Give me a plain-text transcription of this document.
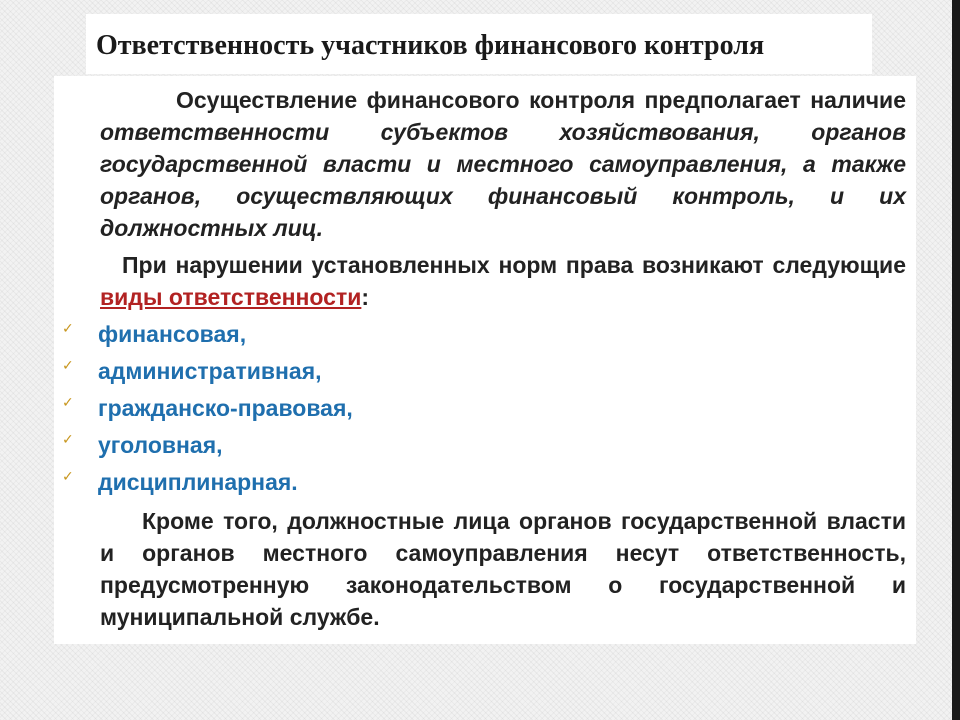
Ответственность участников финансового контроля

Осуществление финансового контроля предполагает наличие ответственности субъектов хозяйствования, органов государственной власти и местного самоуправления, а также органов, осуществляющих финансовый контроль, и их должностных лиц.

При нарушении установленных норм права возникают следующие виды ответственности:

✓ финансовая,
✓ административная,
✓ гражданско-правовая,
✓ уголовная,
✓ дисциплинарная.

Кроме того, должностные лица органов государственной власти и органов местного самоуправления несут ответственность, предусмотренную законодательством о государственной и муниципальной службе.
